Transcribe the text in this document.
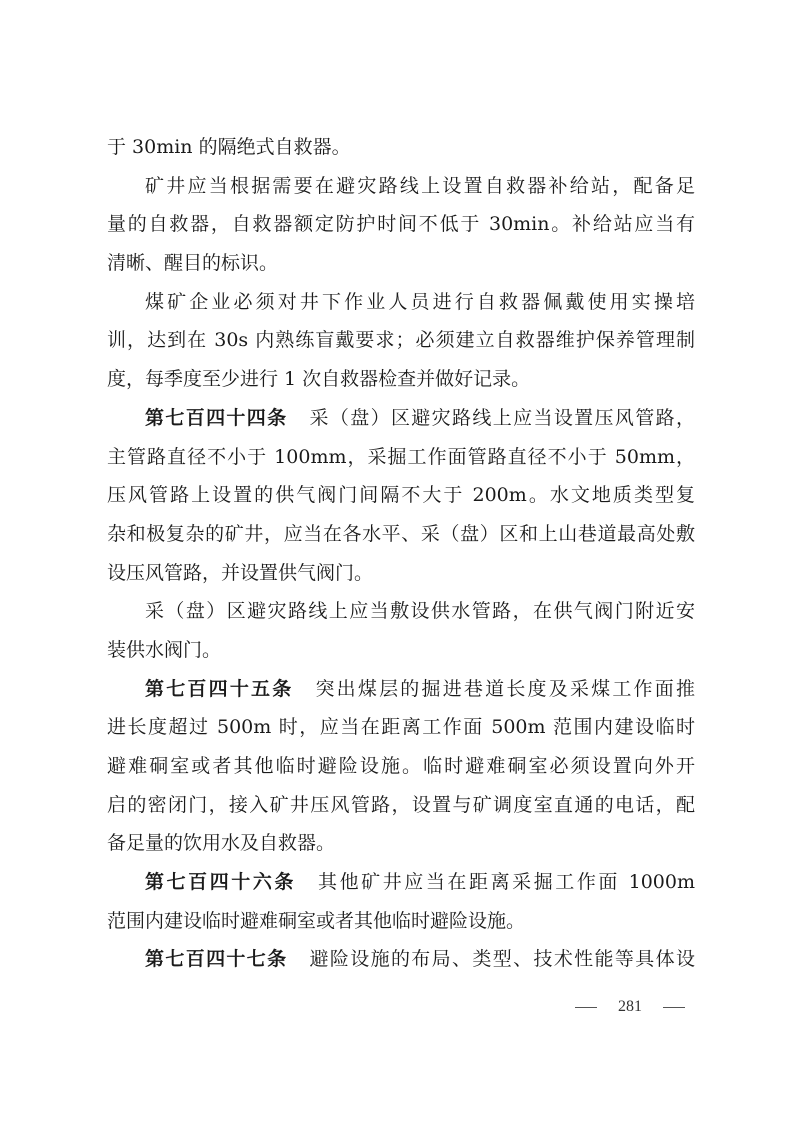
于 30min 的隔绝式自救器。
矿井应当根据需要在避灾路线上设置自救器补给站，配备足
量的自救器，自救器额定防护时间不低于 30min。补给站应当有
清晰、醒目的标识。
煤矿企业必须对井下作业人员进行自救器佩戴使用实操培
训，达到在 30s 内熟练盲戴要求；必须建立自救器维护保养管理制
度，每季度至少进行 1 次自救器检查并做好记录。
第七百四十四条 采（盘）区避灾路线上应当设置压风管路，
主管路直径不小于 100mm，采掘工作面管路直径不小于 50mm，
压风管路上设置的供气阀门间隔不大于 200m。水文地质类型复
杂和极复杂的矿井，应当在各水平、采（盘）区和上山巷道最高处敷
设压风管路，并设置供气阀门。
采（盘）区避灾路线上应当敷设供水管路，在供气阀门附近安
装供水阀门。
第七百四十五条 突出煤层的掘进巷道长度及采煤工作面推
进长度超过 500m 时，应当在距离工作面 500m 范围内建设临时
避难硐室或者其他临时避险设施。临时避难硐室必须设置向外开
启的密闭门，接入矿井压风管路，设置与矿调度室直通的电话，配
备足量的饮用水及自救器。
第七百四十六条 其他矿井应当在距离采掘工作面 1000m
范围内建设临时避难硐室或者其他临时避险设施。
第七百四十七条 避险设施的布局、类型、技术性能等具体设
281
